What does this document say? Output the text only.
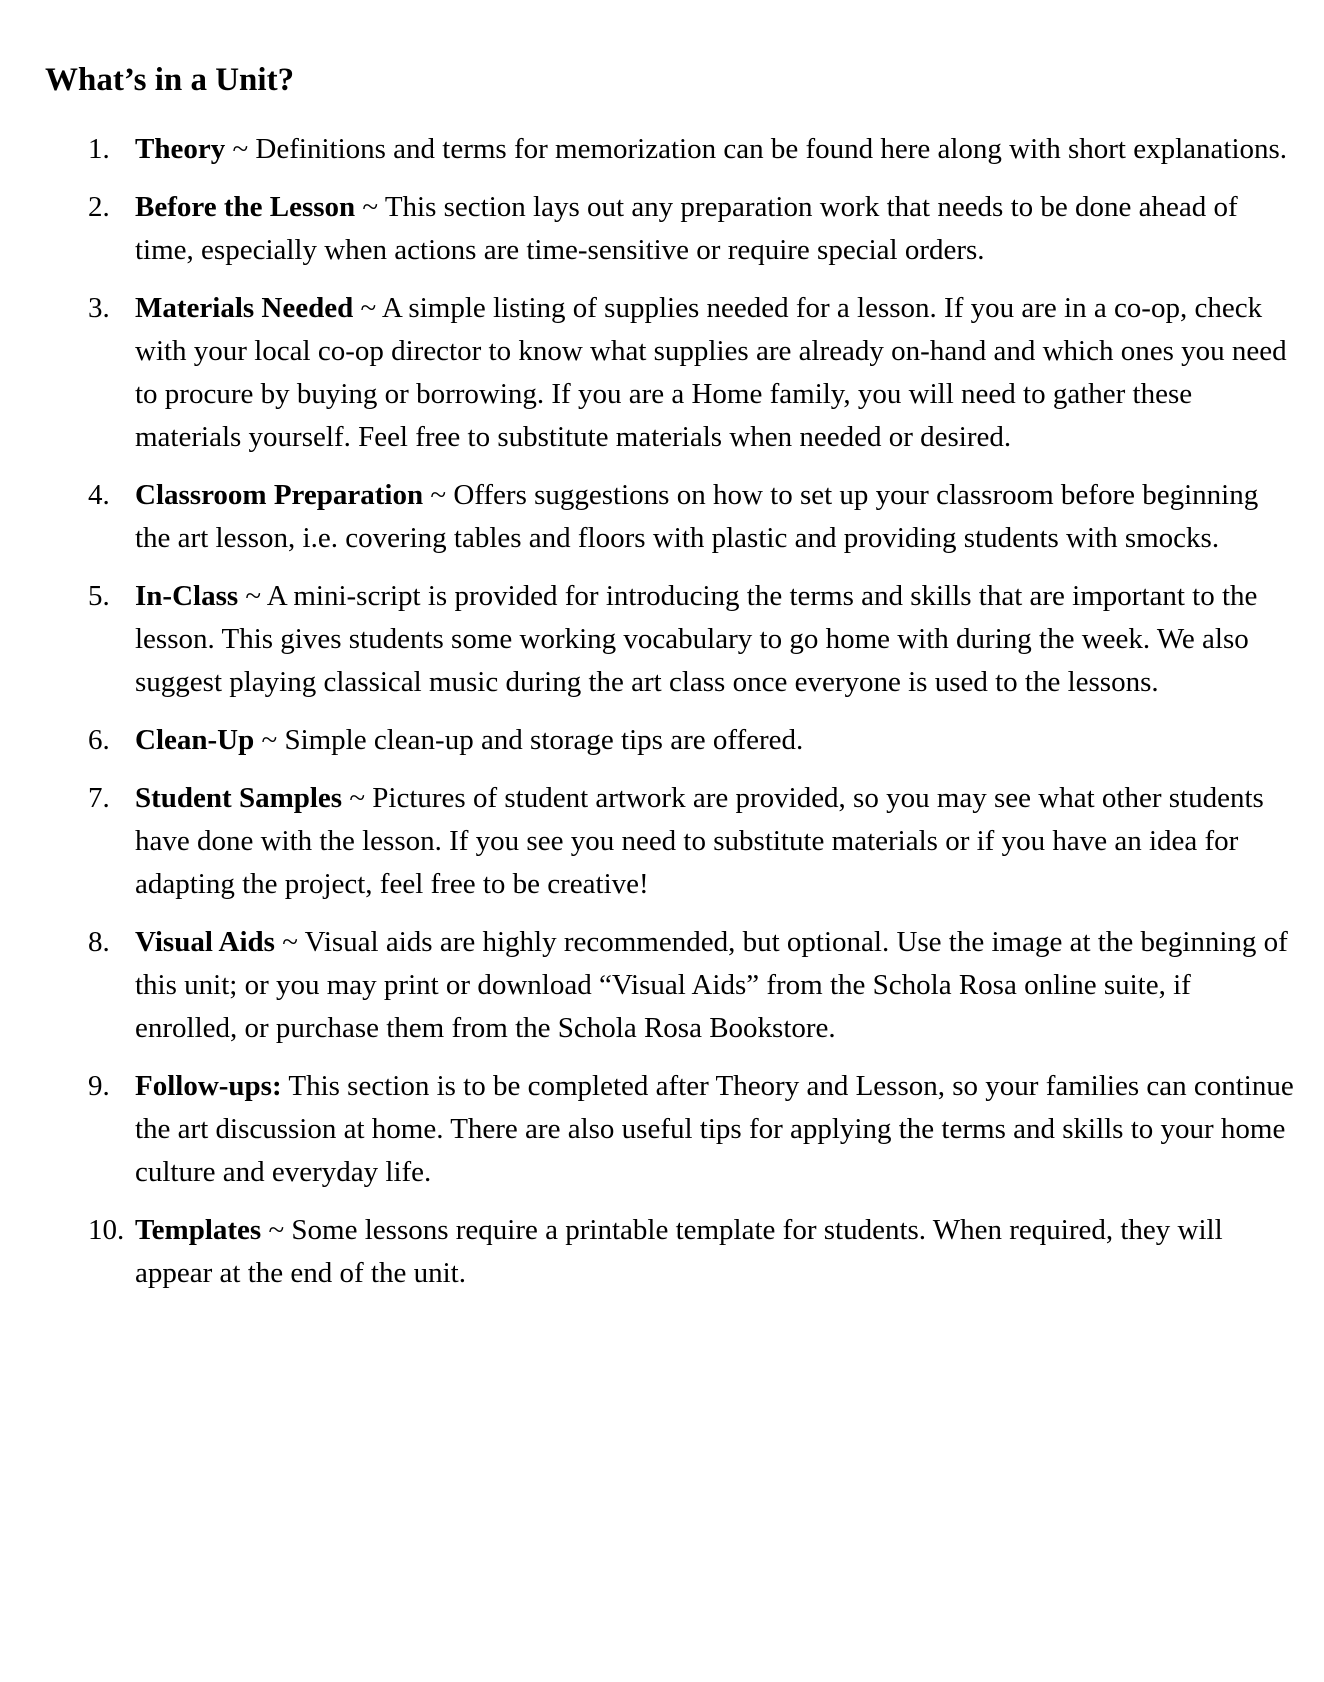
What’s in a Unit?
1. Theory ~ Definitions and terms for memorization can be found here along with short explanations.
2. Before the Lesson ~ This section lays out any preparation work that needs to be done ahead of time, especially when actions are time-sensitive or require special orders.
3. Materials Needed ~ A simple listing of supplies needed for a lesson. If you are in a co-op, check with your local co-op director to know what supplies are already on-hand and which ones you need to procure by buying or borrowing. If you are a Home family, you will need to gather these materials yourself. Feel free to substitute materials when needed or desired.
4. Classroom Preparation ~ Offers suggestions on how to set up your classroom before beginning the art lesson, i.e. covering tables and floors with plastic and providing students with smocks.
5. In-Class ~ A mini-script is provided for introducing the terms and skills that are important to the lesson. This gives students some working vocabulary to go home with during the week. We also suggest playing classical music during the art class once everyone is used to the lessons.
6. Clean-Up ~ Simple clean-up and storage tips are offered.
7. Student Samples ~ Pictures of student artwork are provided, so you may see what other students have done with the lesson. If you see you need to substitute materials or if you have an idea for adapting the project, feel free to be creative!
8. Visual Aids ~ Visual aids are highly recommended, but optional. Use the image at the beginning of this unit; or you may print or download “Visual Aids” from the Schola Rosa online suite, if enrolled, or purchase them from the Schola Rosa Bookstore.
9. Follow-ups: This section is to be completed after Theory and Lesson, so your families can continue the art discussion at home. There are also useful tips for applying the terms and skills to your home culture and everyday life.
10. Templates ~ Some lessons require a printable template for students. When required, they will appear at the end of the unit.
